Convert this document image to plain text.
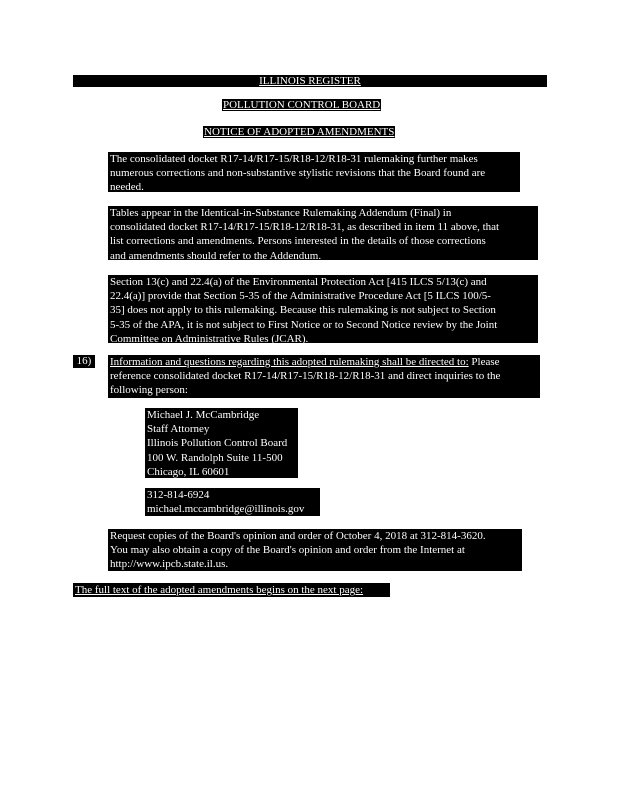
ILLINOIS REGISTER
POLLUTION CONTROL BOARD
NOTICE OF ADOPTED AMENDMENTS
The consolidated docket R17-14/R17-15/R18-12/R18-31 rulemaking further makes
numerous corrections and non-substantive stylistic revisions that the Board found are
needed.
Tables appear in the Identical-in-Substance Rulemaking Addendum (Final) in
consolidated docket R17-14/R17-15/R18-12/R18-31, as described in item 11 above, that
list corrections and amendments. Persons interested in the details of those corrections
and amendments should refer to the Addendum.
Section 13(c) and 22.4(a) of the Environmental Protection Act [415 ILCS 5/13(c) and
22.4(a)] provide that Section 5-35 of the Administrative Procedure Act [5 ILCS 100/5-
35] does not apply to this rulemaking. Because this rulemaking is not subject to Section
5-35 of the APA, it is not subject to First Notice or to Second Notice review by the Joint
Committee on Administrative Rules (JCAR).
16)	Information and questions regarding this adopted rulemaking shall be directed to: Please
reference consolidated docket R17-14/R17-15/R18-12/R18-31 and direct inquiries to the
following person:
Michael J. McCambridge
Staff Attorney
Illinois Pollution Control Board
100 W. Randolph Suite 11-500
Chicago, IL 60601
312-814-6924
michael.mccambridge@illinois.gov
Request copies of the Board's opinion and order of October 4, 2018 at 312-814-3620.
You may also obtain a copy of the Board's opinion and order from the Internet at
http://www.ipcb.state.il.us.
The full text of the adopted amendments begins on the next page:
